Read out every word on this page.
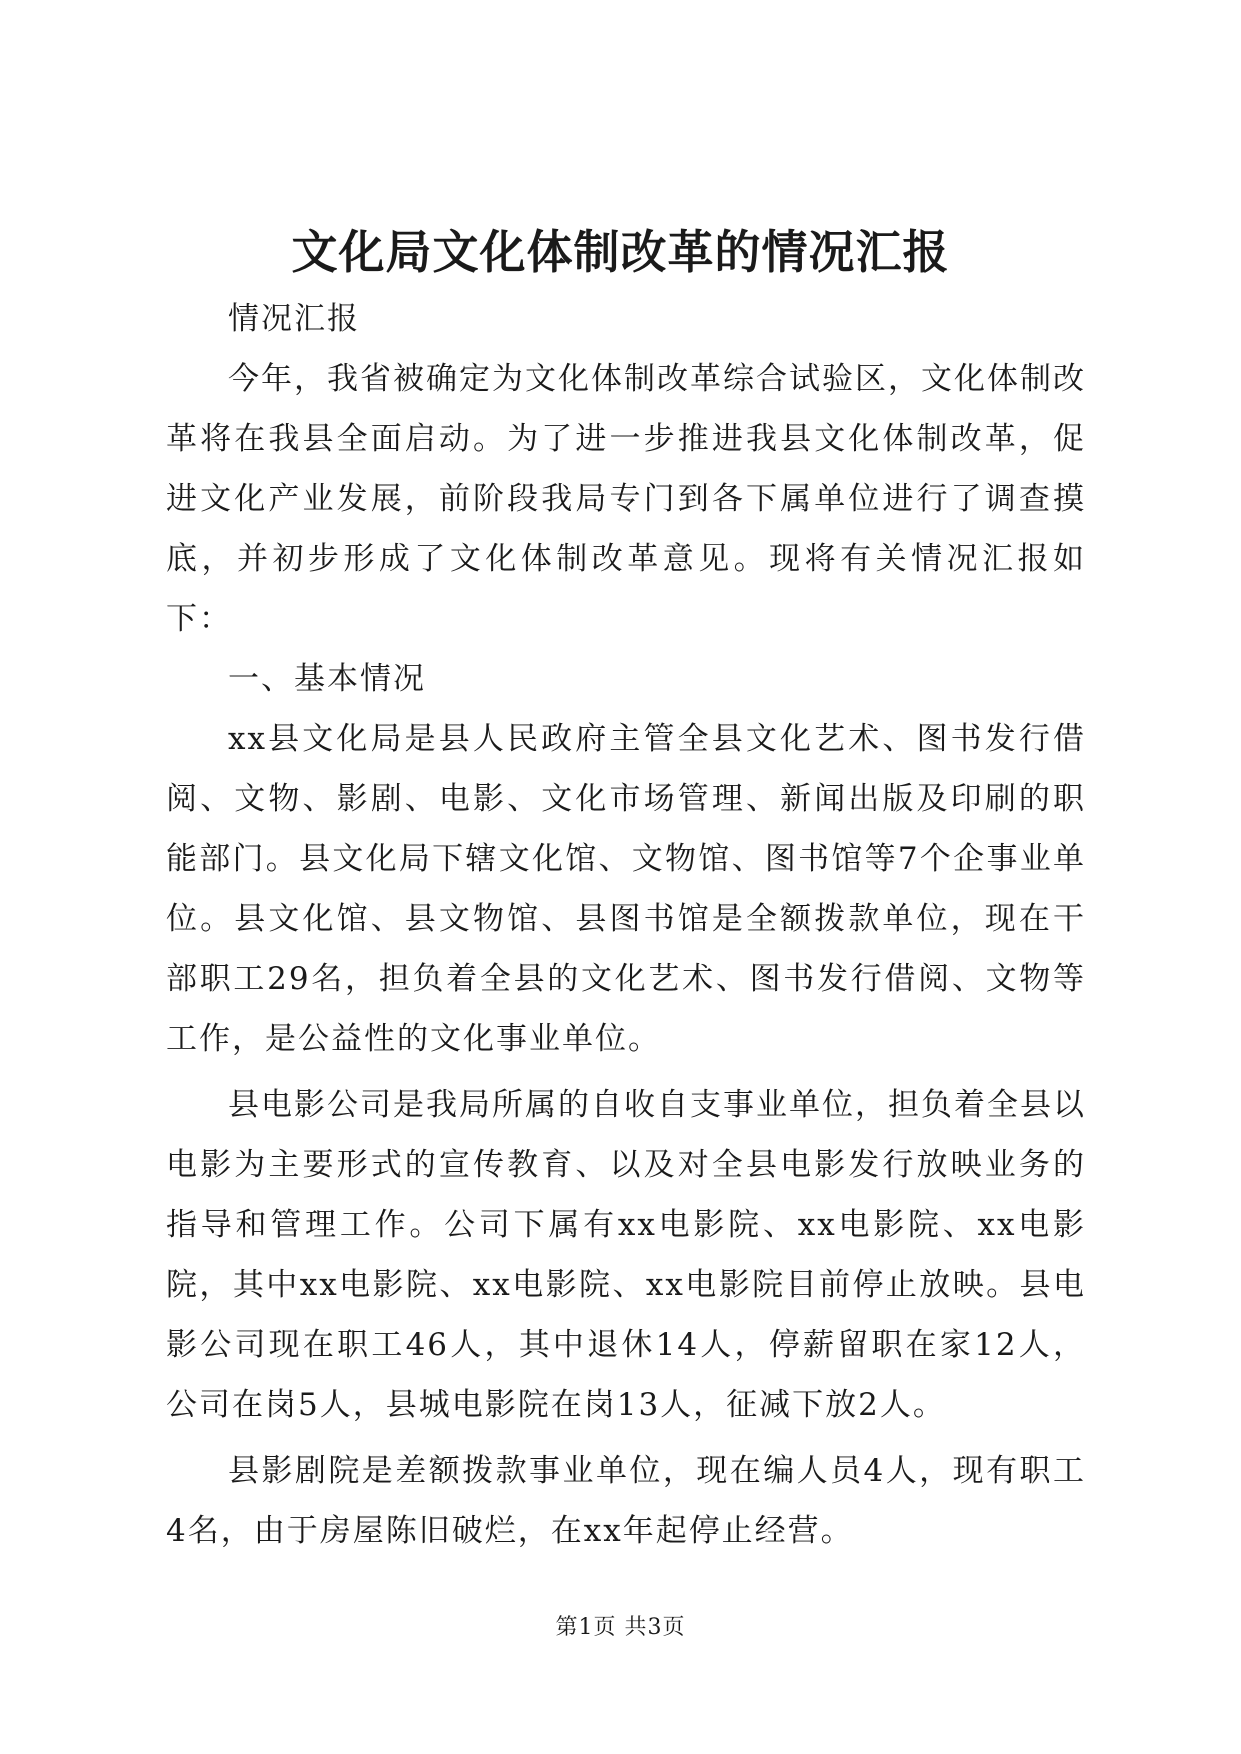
文化局文化体制改革的情况汇报

情况汇报

今年，我省被确定为文化体制改革综合试验区，文化体制改革将在我县全面启动。为了进一步推进我县文化体制改革，促进文化产业发展，前阶段我局专门到各下属单位进行了调查摸底，并初步形成了文化体制改革意见。现将有关情况汇报如下：

一、基本情况

xx县文化局是县人民政府主管全县文化艺术、图书发行借阅、文物、影剧、电影、文化市场管理、新闻出版及印刷的职能部门。县文化局下辖文化馆、文物馆、图书馆等7个企事业单位。县文化馆、县文物馆、县图书馆是全额拨款单位，现在干部职工29名，担负着全县的文化艺术、图书发行借阅、文物等工作，是公益性的文化事业单位。

县电影公司是我局所属的自收自支事业单位，担负着全县以电影为主要形式的宣传教育、以及对全县电影发行放映业务的指导和管理工作。公司下属有xx电影院、xx电影院、xx电影院，其中xx电影院、xx电影院、xx电影院目前停止放映。县电影公司现在职工46人，其中退休14人，停薪留职在家12人，公司在岗5人，县城电影院在岗13人，征减下放2人。

县影剧院是差额拨款事业单位，现在编人员4人，现有职工4名，由于房屋陈旧破烂，在xx年起停止经营。

第1页 共3页
